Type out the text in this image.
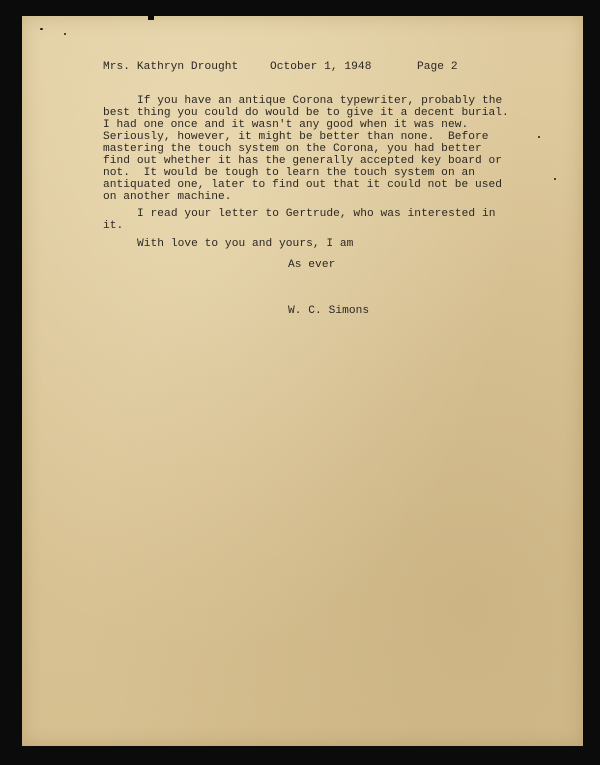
Mrs. Kathryn Drought

	October 1, 1948

	Page 2

If you have an antique Corona typewriter, probably the
best thing you could do would be to give it a decent burial.
I had one once and it wasn't any good when it was new.
Seriously, however, it might be better than none.  Before
mastering the touch system on the Corona, you had better
find out whether it has the generally accepted key board or
not.  It would be tough to learn the touch system on an
antiquated one, later to find out that it could not be used
on another machine.
I read your letter to Gertrude, who was interested in
it.
With love to you and yours, I am
As ever
W. C. Simons
